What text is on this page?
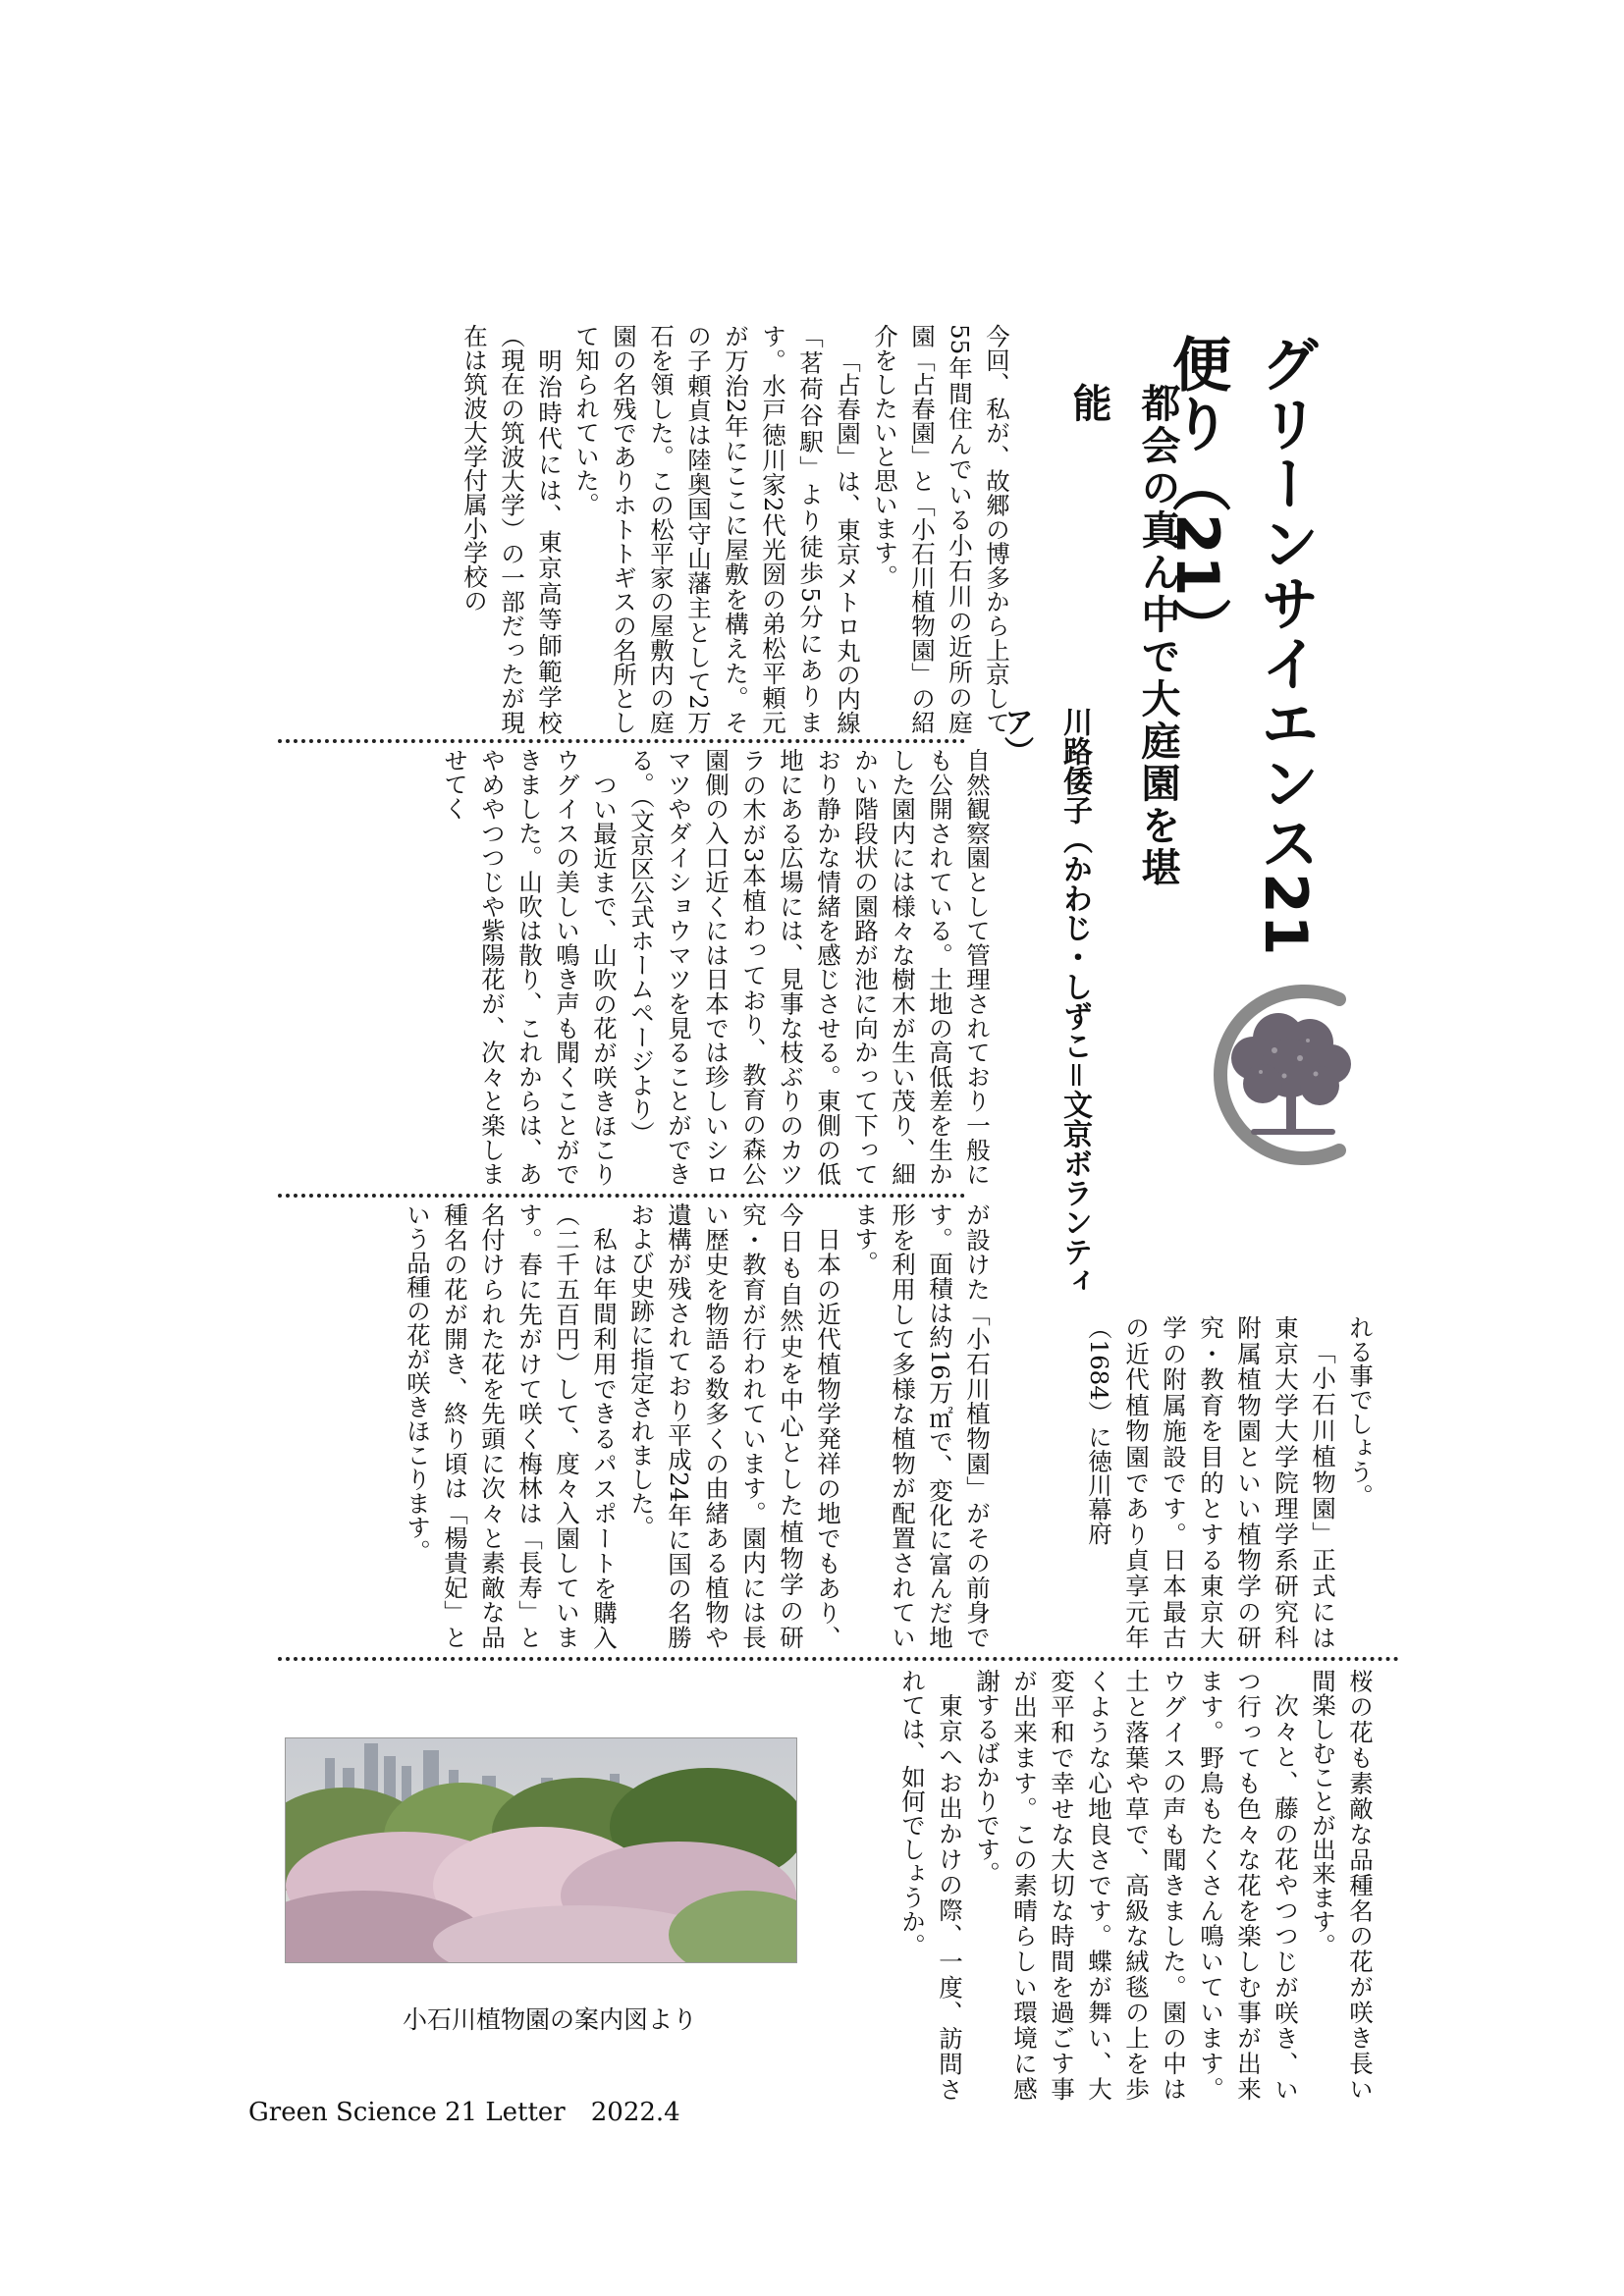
グリーンサイエンス21便り（21）
都会の真ん中で大庭園を堪能
川路倭子（かわじ・しずこ＝文京ボランティア）

今回、私が、故郷の博多から上京して55年間住んでいる小石川の近所の庭園「占春園」と「小石川植物園」の紹介をしたいと思います。

「占春園」は、東京メトロ丸の内線「茗荷谷駅」より徒歩5分にあります。水戸徳川家2代光圀の弟松平頼元が万治2年にここに屋敷を構えた。その子頼貞は陸奥国守山藩主として2万石を領した。この松平家の屋敷内の庭園の名残でありホトトギスの名所として知られていた。

明治時代には、東京高等師範学校（現在の筑波大学）の一部だったが現在は筑波大学付属小学校の

れる事でしょう。

「小石川植物園」正式には東京大学大学院理学系研究科附属植物園といい植物学の研究・教育を目的とする東京大学の附属施設です。日本最古の近代植物園であり貞享元年（1684）に徳川幕府

が設けた「小石川植物園」がその前身です。面積は約16万㎡で、変化に富んだ地形を利用して多様な植物が配置されています。

日本の近代植物学発祥の地でもあり、今日も自然史を中心とした植物学の研究・教育が行われています。園内には長い歴史を物語る数多くの由緒ある植物や遺構が残されており平成24年に国の名勝および史跡に指定されました。

私は年間利用できるパスポートを購入（二千五百円）して、度々入園しています。春に先がけて咲く梅林は「長寿」と名付けられた花を先頭に次々と素敵な品種名の花が開き、終り頃は「楊貴妃」という品種の花が咲きほこります。

自然観察園として管理されており一般にも公開されている。土地の高低差を生かした園内には様々な樹木が生い茂り、細かい階段状の園路が池に向かって下っており静かな情緒を感じさせる。東側の低地にある広場には、見事な枝ぶりのカツラの木が3本植わっており、教育の森公園側の入口近くには日本では珍しいシロマツやダイショウマツを見ることができる。（文京区公式ホームページより）

つい最近まで、山吹の花が咲きほこりウグイスの美しい鳴き声も聞くことができました。山吹は散り、これからは、あやめやつつじや紫陽花が、次々と楽しませてく

桜の花も素敵な品種名の花が咲き長い間楽しむことが出来ます。

次々と、藤の花やつつじが咲き、いつ行っても色々な花を楽しむ事が出来ます。野鳥もたくさん鳴いています。ウグイスの声も聞きました。園の中は土と落葉や草で、高級な絨毯の上を歩くような心地良さです。蝶が舞い、大変平和で幸せな大切な時間を過ごす事が出来ます。この素晴らしい環境に感謝するばかりです。

東京へお出かけの際、一度、訪問されては、如何でしょうか。

小石川植物園の案内図より
Green Science 21 Letter 2022.4
